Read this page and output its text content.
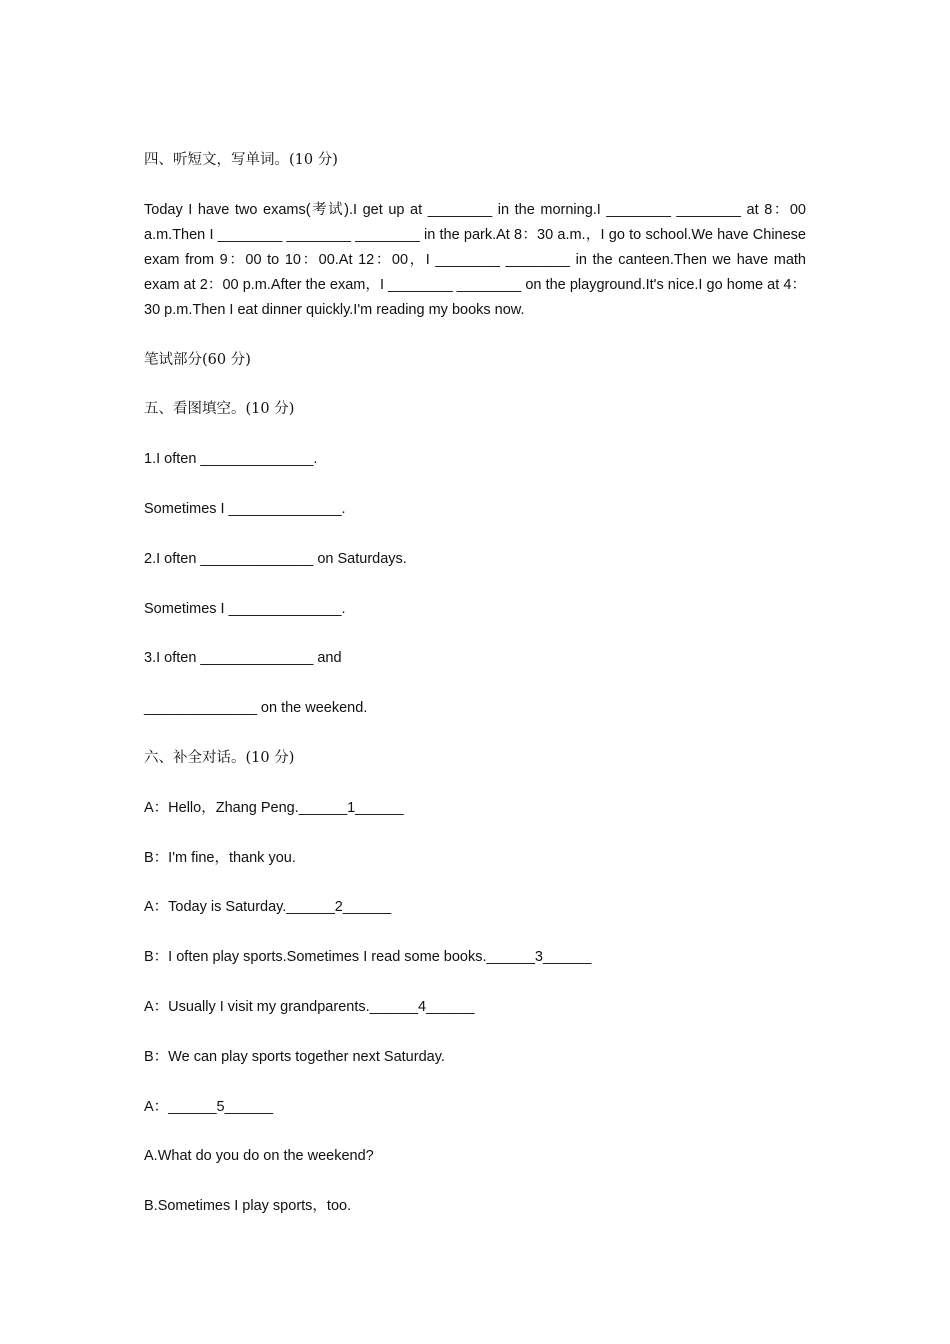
四、听短文，写单词。(10 分)
Today I have two exams(考试).I get up at ________ in the morning.I ________ ________ at 8：00 a.m.Then I ________ ________ ________ in the park.At 8：30 a.m.，I go to school.We have Chinese exam from 9：00 to 10：00.At 12：00，I ________ ________ in the canteen.Then we have math exam at 2：00 p.m.After the exam，I ________ ________ on the playground.It's nice.I go home at 4：30 p.m.Then I eat dinner quickly.I'm reading my books now.
笔试部分(60 分)
五、看图填空。(10 分)
1.I often ______________.
Sometimes I ______________.
2.I often ______________ on Saturdays.
Sometimes I ______________.
3.I often ______________ and
______________ on the weekend.
六、补全对话。(10 分)
A：Hello，Zhang Peng.______1______
B：I'm fine，thank you.
A：Today is Saturday.______2______
B：I often play sports.Sometimes I read some books.______3______
A：Usually I visit my grandparents.______4______
B：We can play sports together next Saturday.
A：______5______
A.What do you do on the weekend?
B.Sometimes I play sports，too.
